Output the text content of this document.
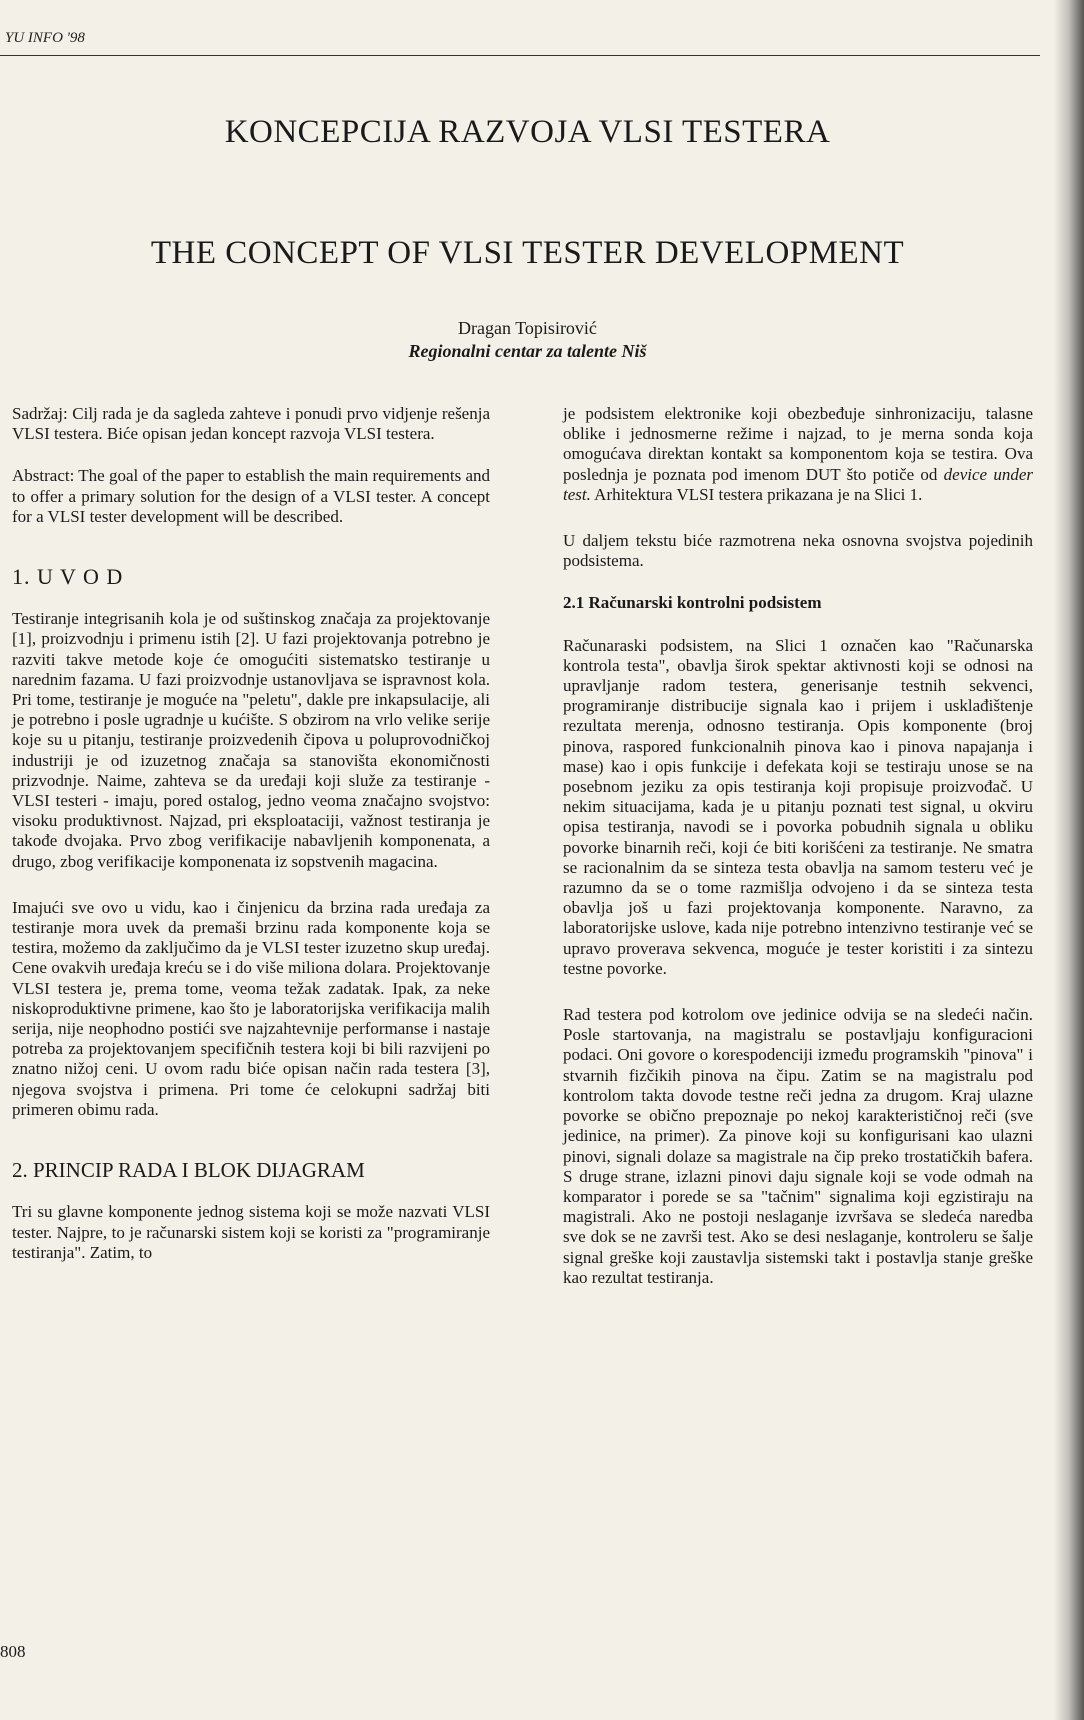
YU INFO '98
KONCEPCIJA RAZVOJA VLSI TESTERA
THE CONCEPT OF VLSI TESTER DEVELOPMENT
Dragan Topisirović
Regionalni centar za talente Niš

Sadržaj: Cilj rada je da sagleda zahteve i ponudi prvo vidjenje rešenja VLSI testera. Biće opisan jedan koncept razvoja VLSI testera.

Abstract: The goal of the paper to establish the main requirements and to offer a primary solution for the design of a VLSI tester. A concept for a VLSI tester development will be described.

1. U V O D

Testiranje integrisanih kola je od suštinskog značaja za projektovanje [1], proizvodnju i primenu istih [2]. U fazi projektovanja potrebno je razviti takve metode koje će omogućiti sistematsko testiranje u narednim fazama. U fazi proizvodnje ustanovljava se ispravnost kola. Pri tome, testiranje je moguće na "peletu", dakle pre inkapsulacije, ali je potrebno i posle ugradnje u kućište. S obzirom na vrlo velike serije koje su u pitanju, testiranje proizvedenih čipova u poluprovodničkoj industriji je od izuzetnog značaja sa stanovišta ekonomičnosti prizvodnje. Naime, zahteva se da uređaji koji služe za testiranje - VLSI testeri - imaju, pored ostalog, jedno veoma značajno svojstvo: visoku produktivnost. Najzad, pri eksploataciji, važnost testiranja je takođe dvojaka. Prvo zbog verifikacije nabavljenih komponenata, a drugo, zbog verifikacije komponenata iz sopstvenih magacina.

Imajući sve ovo u vidu, kao i činjenicu da brzina rada uređaja za testiranje mora uvek da premaši brzinu rada komponente koja se testira, možemo da zaključimo da je VLSI tester izuzetno skup uređaj. Cene ovakvih uređaja kreću se i do više miliona dolara. Projektovanje VLSI testera je, prema tome, veoma težak zadatak. Ipak, za neke niskoproduktivne primene, kao što je laboratorijska verifikacija malih serija, nije neophodno postići sve najzahtevnije performanse i nastaje potreba za projektovanjem specifičnih testera koji bi bili razvijeni po znatno nižoj ceni. U ovom radu biće opisan način rada testera [3], njegova svojstva i primena. Pri tome će celokupni sadržaj biti primeren obimu rada.

2. PRINCIP RADA I BLOK DIJAGRAM

Tri su glavne komponente jednog sistema koji se može nazvati VLSI tester. Najpre, to je računarski sistem koji se koristi za "programiranje testiranja". Zatim, to

je podsistem elektronike koji obezbeđuje sinhronizaciju, talasne oblike i jednosmerne režime i najzad, to je merna sonda koja omogućava direktan kontakt sa komponentom koja se testira. Ova poslednja je poznata pod imenom DUT što potiče od device under test. Arhitektura VLSI testera prikazana je na Slici 1.

U daljem tekstu biće razmotrena neka osnovna svojstva pojedinih podsistema.

2.1 Računarski kontrolni podsistem

Računaraski podsistem, na Slici 1 označen kao "Računarska kontrola testa", obavlja širok spektar aktivnosti koji se odnosi na upravljanje radom testera, generisanje testnih sekvenci, programiranje distribucije signala kao i prijem i usklađištenje rezultata merenja, odnosno testiranja. Opis komponente (broj pinova, raspored funkcionalnih pinova kao i pinova napajanja i mase) kao i opis funkcije i defekata koji se testiraju unose se na posebnom jeziku za opis testiranja koji propisuje proizvođač. U nekim situacijama, kada je u pitanju poznati test signal, u okviru opisa testiranja, navodi se i povorka pobudnih signala u obliku povorke binarnih reči, koji će biti korišćeni za testiranje. Ne smatra se racionalnim da se sinteza testa obavlja na samom testeru već je razumno da se o tome razmišlja odvojeno i da se sinteza testa obavlja još u fazi projektovanja komponente. Naravno, za laboratorijske uslove, kada nije potrebno intenzivno testiranje već se upravo proverava sekvenca, moguće je tester koristiti i za sintezu testne povorke.

Rad testera pod kotrolom ove jedinice odvija se na sledeći način. Posle startovanja, na magistralu se postavljaju konfiguracioni podaci. Oni govore o korespodenciji između programskih "pinova" i stvarnih fizčikih pinova na čipu. Zatim se na magistralu pod kontrolom takta dovode testne reči jedna za drugom. Kraj ulazne povorke se obično prepoznaje po nekoj karakterističnoj reči (sve jedinice, na primer). Za pinove koji su konfigurisani kao ulazni pinovi, signali dolaze sa magistrale na čip preko trostatičkih bafera. S druge strane, izlazni pinovi daju signale koji se vode odmah na komparator i porede se sa "tačnim" signalima koji egzistiraju na magistrali. Ako ne postoji neslaganje izvršava se sledeća naredba sve dok se ne završi test. Ako se desi neslaganje, kontroleru se šalje signal greške koji zaustavlja sistemski takt i postavlja stanje greške kao rezultat testiranja.

808
